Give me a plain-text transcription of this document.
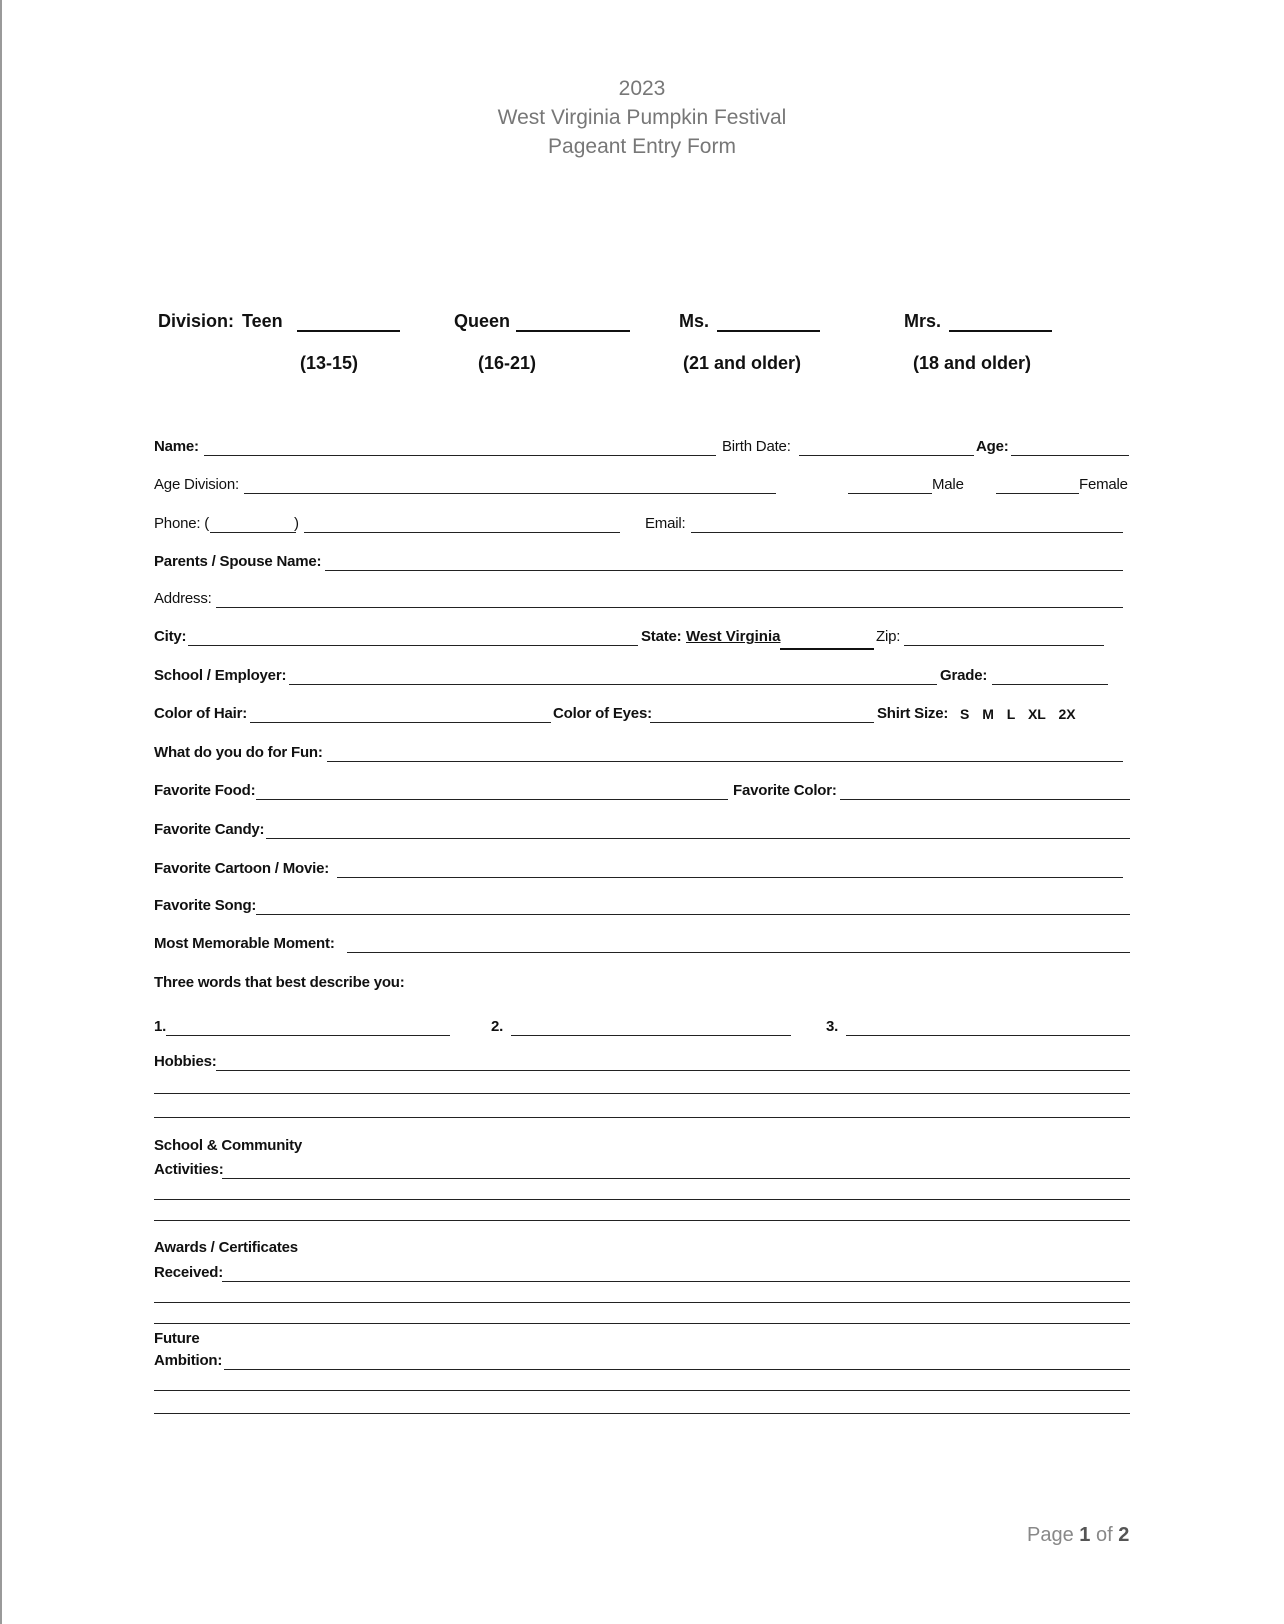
2023
West Virginia Pumpkin Festival
Pageant Entry Form
Division: Teen	Queen	Ms.	Mrs.
(13-15)	(16-21)	(21 and older)	(18 and older)
Name:	Birth Date:	Age:
Age Division:	Male	Female
Phone: (	)	Email:
Parents / Spouse Name:
Address:
City:	State: West Virginia	Zip:
School / Employer:	Grade:
Color of Hair:	Color of Eyes:	Shirt Size: S M L XL 2X
What do you do for Fun:
Favorite Food:	Favorite Color:
Favorite Candy:
Favorite Cartoon / Movie:
Favorite Song:
Most Memorable Moment:
Three words that best describe you:
1.	2.	3.
Hobbies:
School & Community
Activities:
Awards / Certificates
Received:
Future
Ambition:
Page 1 of 2
